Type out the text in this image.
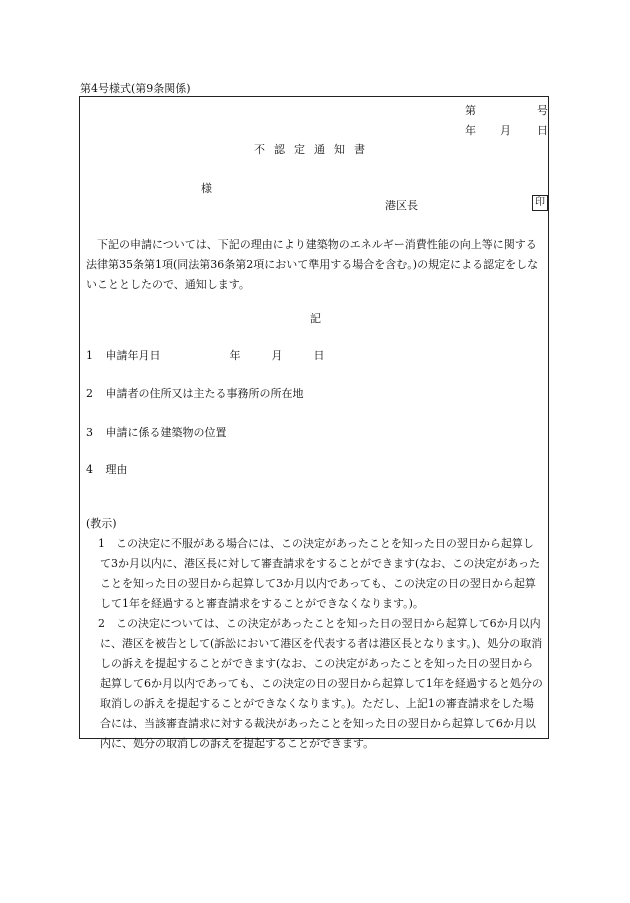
第4号様式(第9条関係)
第	号
年 月 日
不認定通知書
様
港区長	印
下記の申請については、下記の理由により建築物のエネルギー消費性能の向上等に関する法律第35条第1項(同法第36条第2項において準用する場合を含む。)の規定による認定をしないこととしたので、通知します。
記
1 申請年月日	年	月	日
2 申請者の住所又は主たる事務所の所在地
3 申請に係る建築物の位置
4 理由
(教示)
1　この決定に不服がある場合には、この決定があったことを知った日の翌日から起算して3か月以内に、港区長に対して審査請求をすることができます(なお、この決定があったことを知った日の翌日から起算して3か月以内であっても、この決定の日の翌日から起算して1年を経過すると審査請求をすることができなくなります。)。
2　この決定については、この決定があったことを知った日の翌日から起算して6か月以内に、港区を被告として(訴訟において港区を代表する者は港区長となります。)、処分の取消しの訴えを提起することができます(なお、この決定があったことを知った日の翌日から起算して6か月以内であっても、この決定の日の翌日から起算して1年を経過すると処分の取消しの訴えを提起することができなくなります。)。ただし、上記1の審査請求をした場合には、当該審査請求に対する裁決があったことを知った日の翌日から起算して6か月以内に、処分の取消しの訴えを提起することができます。
